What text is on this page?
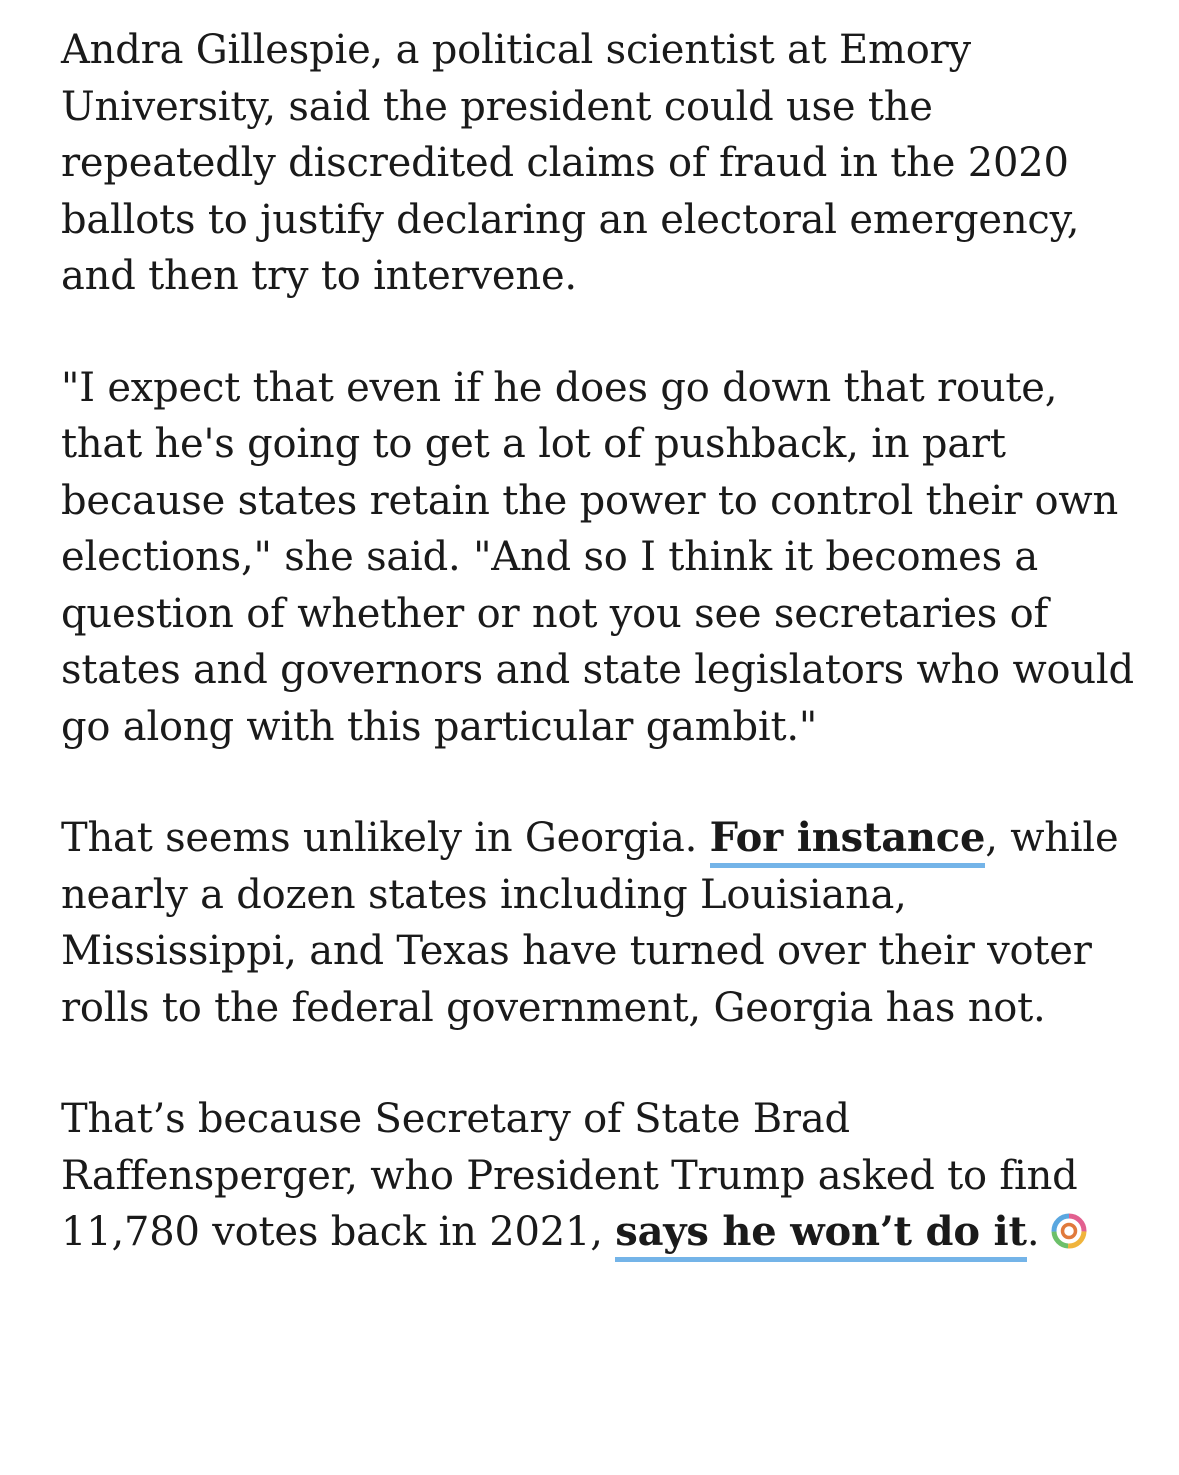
Andra Gillespie, a political scientist at Emory University, said the president could use the repeatedly discredited claims of fraud in the 2020 ballots to justify declaring an electoral emergency, and then try to intervene.

"I expect that even if he does go down that route, that he's going to get a lot of pushback, in part because states retain the power to control their own elections," she said. "And so I think it becomes a question of whether or not you see secretaries of states and governors and state legislators who would go along with this particular gambit."

That seems unlikely in Georgia. For instance, while nearly a dozen states including Louisiana, Mississippi, and Texas have turned over their voter rolls to the federal government, Georgia has not.

That’s because Secretary of State Brad Raffensperger, who President Trump asked to find 11,780 votes back in 2021, says he won’t do it.
